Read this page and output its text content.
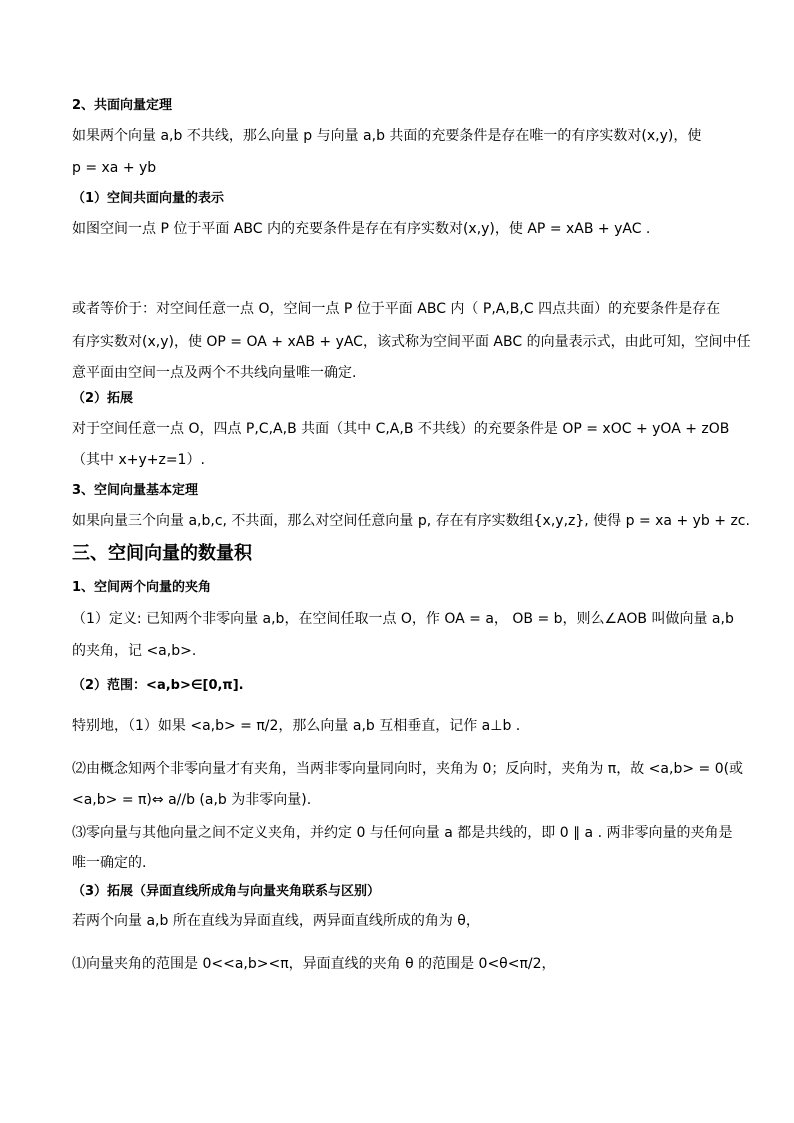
2、共面向量定理
如果两个向量 a,b 不共线，那么向量 p 与向量 a,b 共面的充要条件是存在唯一的有序实数对(x,y)，使
p = xa + yb
（1）空间共面向量的表示
如图空间一点 P 位于平面 ABC 内的充要条件是存在有序实数对(x,y)，使 AP = xAB + yAC .
或者等价于：对空间任意一点 O，空间一点 P 位于平面 ABC 内（ P,A,B,C 四点共面）的充要条件是存在
有序实数对(x,y)，使 OP = OA + xAB + yAC，该式称为空间平面 ABC 的向量表示式，由此可知，空间中任
意平面由空间一点及两个不共线向量唯一确定.
（2）拓展
对于空间任意一点 O，四点 P,C,A,B 共面（其中 C,A,B 不共线）的充要条件是 OP = xOC + yOA + zOB
（其中 x+y+z=1）.
3、空间向量基本定理
如果向量三个向量 a,b,c, 不共面，那么对空间任意向量 p, 存在有序实数组{x,y,z}, 使得 p = xa + yb + zc.
三、空间向量的数量积
1、空间两个向量的夹角
（1）定义: 已知两个非零向量 a,b，在空间任取一点 O，作 OA = a， OB = b，则么∠AOB 叫做向量 a,b
的夹角，记 <a,b>.
（2）范围：<a,b>∈[0,π].
特别地，（1）如果 <a,b> = π/2，那么向量 a,b 互相垂直，记作 a⊥b .
⑵由概念知两个非零向量才有夹角，当两非零向量同向时，夹角为 0；反向时，夹角为 π，故 <a,b> = 0(或
<a,b> = π)⇔ a//b (a,b 为非零向量).
⑶零向量与其他向量之间不定义夹角，并约定 0 与任何向量 a 都是共线的，即 0 ∥ a . 两非零向量的夹角是
唯一确定的.
（3）拓展（异面直线所成角与向量夹角联系与区别）
若两个向量 a,b 所在直线为异面直线，两异面直线所成的角为 θ，
⑴向量夹角的范围是 0<<a,b><π，异面直线的夹角 θ 的范围是 0<θ<π/2，
